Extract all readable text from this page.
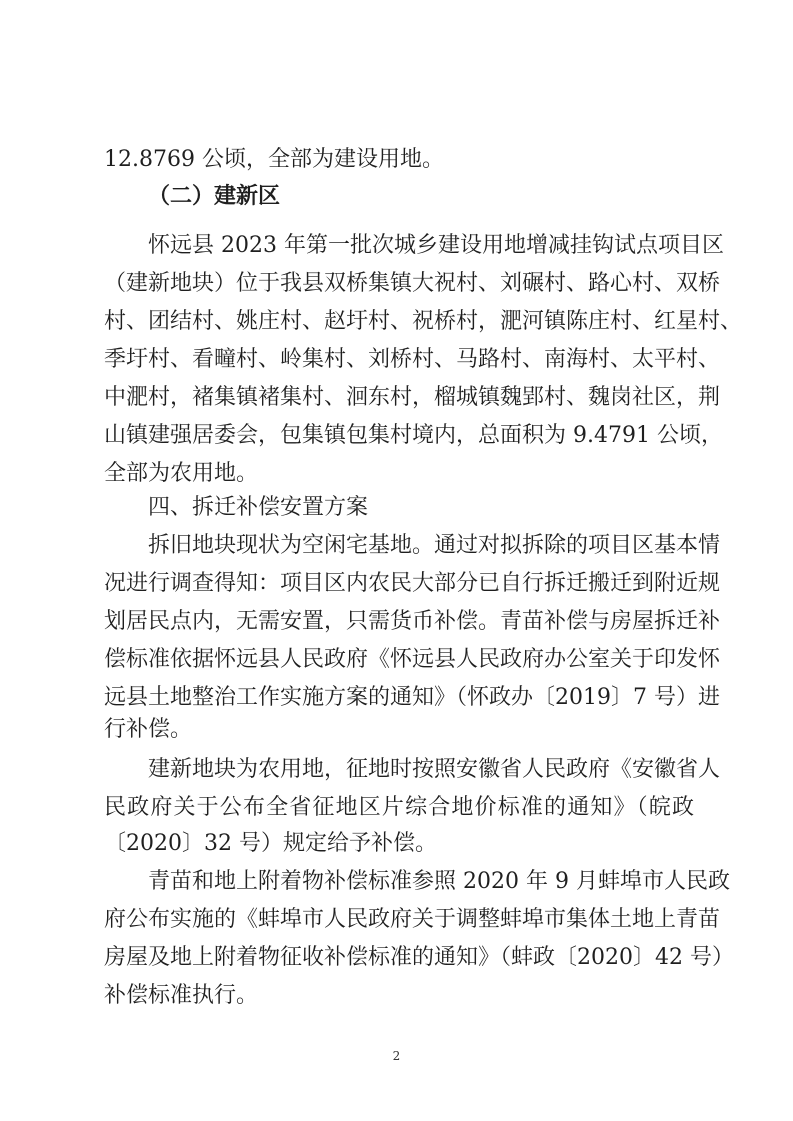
12.8769 公顷，全部为建设用地。
（二）建新区
怀远县 2023 年第一批次城乡建设用地增减挂钩试点项目区
（建新地块）位于我县双桥集镇大祝村、刘碾村、路心村、双桥
村、团结村、姚庄村、赵圩村、祝桥村，淝河镇陈庄村、红星村、
季圩村、看疃村、岭集村、刘桥村、马路村、南海村、太平村、
中淝村，褚集镇褚集村、洄东村，榴城镇魏郢村、魏岗社区，荆
山镇建强居委会，包集镇包集村境内，总面积为 9.4791 公顷，
全部为农用地。
四、拆迁补偿安置方案
拆旧地块现状为空闲宅基地。通过对拟拆除的项目区基本情
况进行调查得知：项目区内农民大部分已自行拆迁搬迁到附近规
划居民点内，无需安置，只需货币补偿。青苗补偿与房屋拆迁补
偿标准依据怀远县人民政府《怀远县人民政府办公室关于印发怀
远县土地整治工作实施方案的通知》（怀政办〔2019〕7 号）进
行补偿。
建新地块为农用地，征地时按照安徽省人民政府《安徽省人
民政府关于公布全省征地区片综合地价标准的通知》（皖政
〔2020〕32 号）规定给予补偿。
青苗和地上附着物补偿标准参照 2020 年 9 月蚌埠市人民政
府公布实施的《蚌埠市人民政府关于调整蚌埠市集体土地上青苗
房屋及地上附着物征收补偿标准的通知》（蚌政〔2020〕42 号）
补偿标准执行。
2
